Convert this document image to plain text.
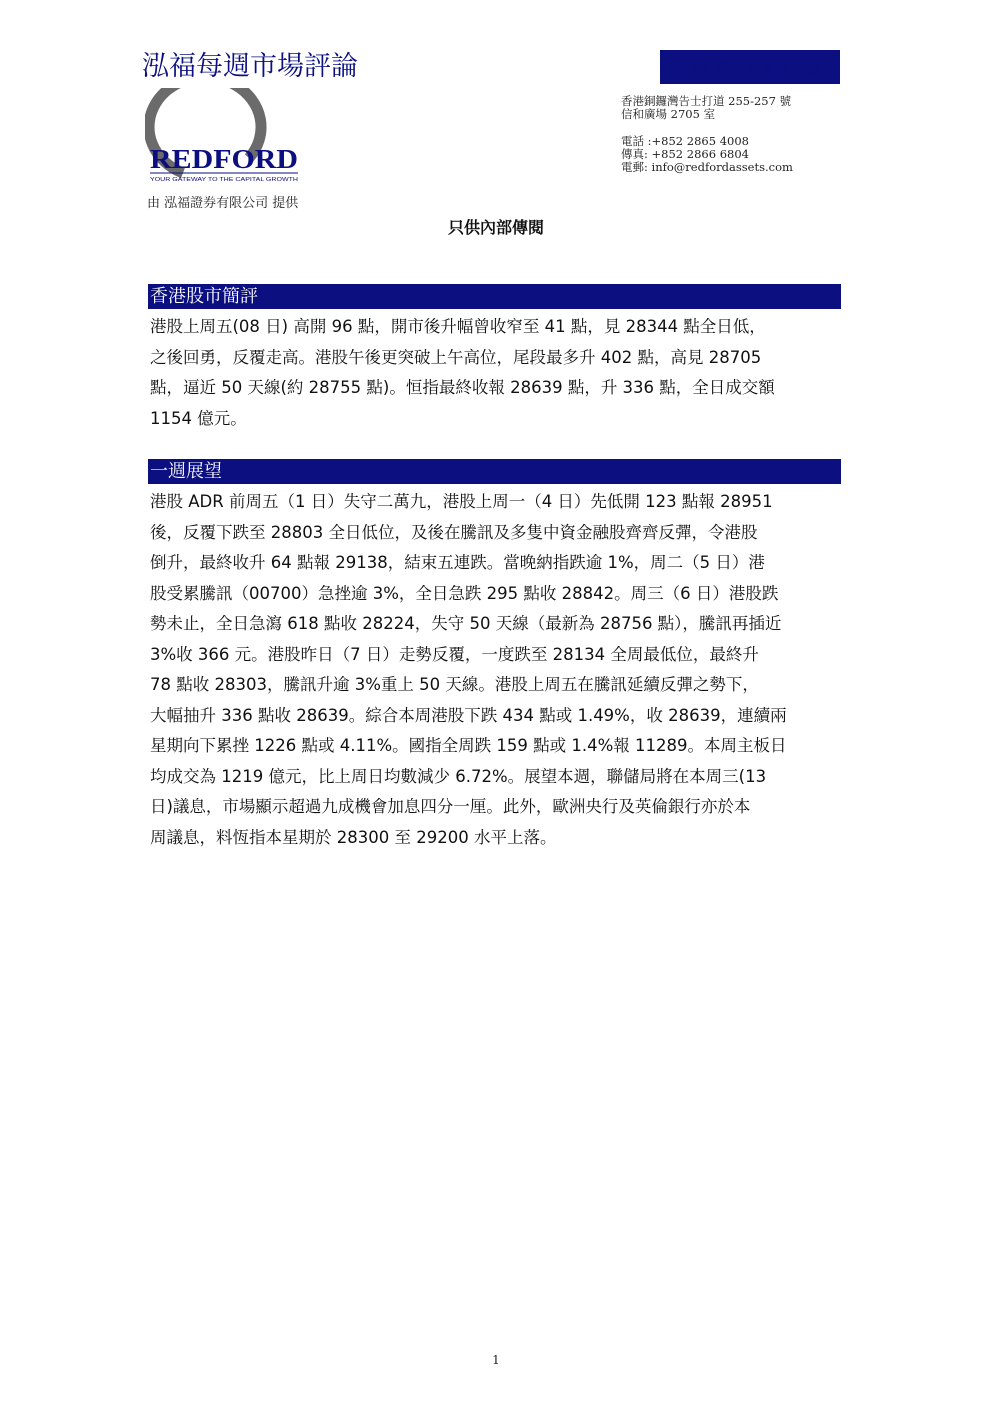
泓福每週市場評論	2017 年 12 月 11 日
REDFORD
YOUR GATEWAY TO THE CAPITAL GROWTH
由 泓福證券有限公司 提供
香港銅鑼灣告士打道 255-257 號
信和廣場 2705 室
電話 :+852 2865 4008
傳真: +852 2866 6804
電郵: info@redfordassets.com
只供內部傳閱
香港股市簡評
港股上周五(08 日) 高開 96 點，開市後升幅曾收窄至 41 點，見 28344 點全日低，
之後回勇，反覆走高。港股午後更突破上午高位，尾段最多升 402 點，高見 28705
點，逼近 50 天線(約 28755 點)。恒指最終收報 28639 點，升 336 點，全日成交額
1154 億元。
一週展望
港股 ADR 前周五（1 日）失守二萬九，港股上周一（4 日）先低開 123 點報 28951
後，反覆下跌至 28803 全日低位，及後在騰訊及多隻中資金融股齊齊反彈，令港股
倒升，最終收升 64 點報 29138，結束五連跌。當晚納指跌逾 1%，周二（5 日）港
股受累騰訊（00700）急挫逾 3%，全日急跌 295 點收 28842。周三（6 日）港股跌
勢未止，全日急瀉 618 點收 28224，失守 50 天線（最新為 28756 點），騰訊再插近
3%收 366 元。港股昨日（7 日）走勢反覆，一度跌至 28134 全周最低位，最終升
78 點收 28303，騰訊升逾 3%重上 50 天線。港股上周五在騰訊延續反彈之勢下，
大幅抽升 336 點收 28639。綜合本周港股下跌 434 點或 1.49%，收 28639，連續兩
星期向下累挫 1226 點或 4.11%。國指全周跌 159 點或 1.4%報 11289。本周主板日
均成交為 1219 億元，比上周日均數減少 6.72%。展望本週，聯儲局將在本周三(13
日)議息，市場顯示超過九成機會加息四分一厘。此外，歐洲央行及英倫銀行亦於本
周議息，料恆指本星期於 28300 至 29200 水平上落。
1
